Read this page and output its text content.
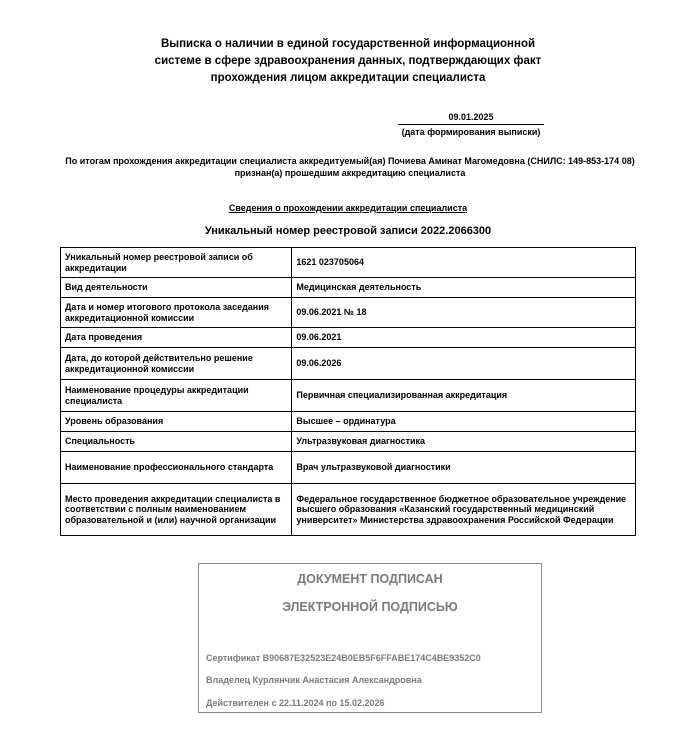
Выписка о наличии в единой государственной информационной
системе в сфере здравоохранения данных, подтверждающих факт
прохождения лицом аккредитации специалиста
09.01.2025
(дата формирования выписки)
По итогам прохождения аккредитации специалиста аккредитуемый(ая) Почиева Аминат Магомедовна (СНИЛС: 149-853-174 08) признан(а) прошедшим аккредитацию специалиста
Сведения о прохождении аккредитации специалиста
Уникальный номер реестровой записи 2022.2066300
Уникальный номер реестровой записи об аккредитации	1621 023705064
Вид деятельности	Медицинская деятельность
Дата и номер итогового протокола заседания аккредитационной комиссии	09.06.2021 № 18
Дата проведения	09.06.2021
Дата, до которой действительно решение аккредитационной комиссии	09.06.2026
Наименование процедуры аккредитации специалиста	Первичная специализированная аккредитация
Уровень образования	Высшее – ординатура
Специальность	Ультразвуковая диагностика
Наименование профессионального стандарта	Врач ультразвуковой диагностики
Место проведения аккредитации специалиста в соответствии с полным наименованием образовательной и (или) научной организации	Федеральное государственное бюджетное образовательное учреждение высшего образования «Казанский государственный медицинский университет» Министерства здравоохранения Российской Федерации
ДОКУМЕНТ ПОДПИСАН
ЭЛЕКТРОННОЙ ПОДПИСЬЮ
Сертификат B90687E32523E24B0EB5F6FFABE174C4BE9352C0
Владелец Курлянчик Анастасия Александровна
Действителен с 22.11.2024 по 15.02.2026
